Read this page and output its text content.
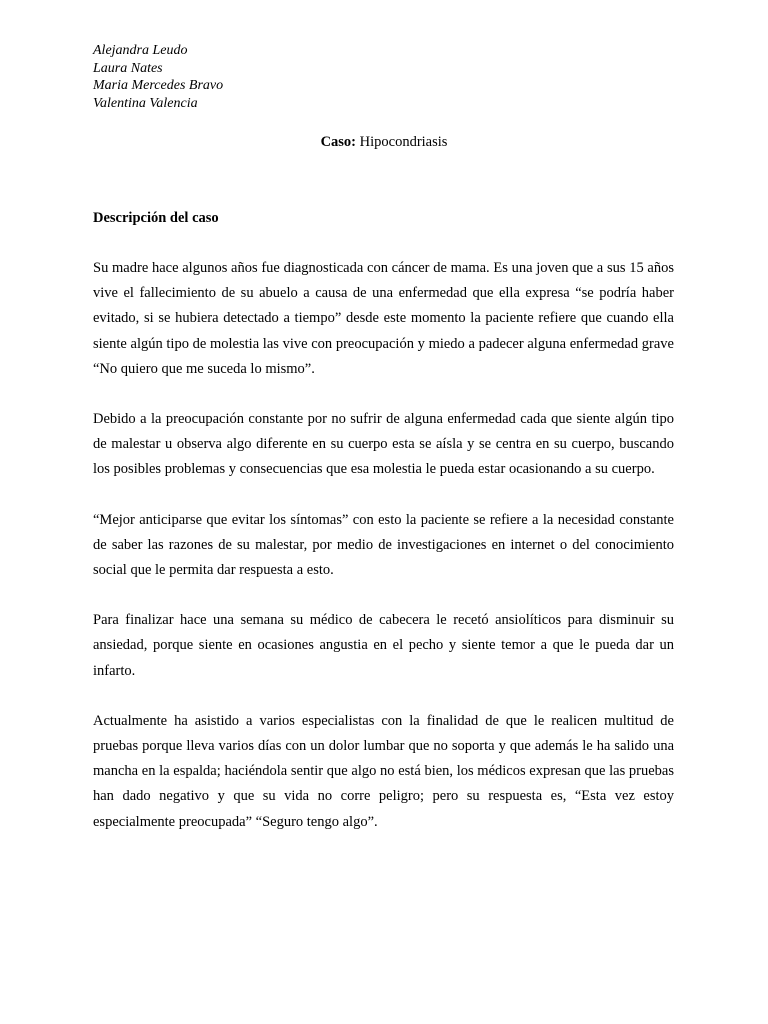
Alejandra Leudo
Laura Nates
Maria Mercedes Bravo
Valentina Valencia
Caso: Hipocondriasis
Descripción del caso

Su madre hace algunos años fue diagnosticada con cáncer de mama. Es una joven que a sus 15 años vive el fallecimiento de su abuelo a causa de una enfermedad que ella expresa “se podría haber evitado, si se hubiera detectado a tiempo” desde este momento la paciente refiere que cuando ella siente algún tipo de molestia las vive con preocupación y miedo a padecer alguna enfermedad grave “No quiero que me suceda lo mismo”.

Debido a la preocupación constante por no sufrir de alguna enfermedad cada que siente algún tipo de malestar u observa algo diferente en su cuerpo esta se aísla y se centra en su cuerpo, buscando los posibles problemas y consecuencias que esa molestia le pueda estar ocasionando a su cuerpo.

“Mejor anticiparse que evitar los síntomas” con esto la paciente se refiere a la necesidad constante de saber las razones de su malestar, por medio de investigaciones en internet o del conocimiento social que le permita dar respuesta a esto.

Para finalizar hace una semana su médico de cabecera le recetó ansiolíticos para disminuir su ansiedad, porque siente en ocasiones angustia en el pecho y siente temor a que le pueda dar un infarto.

Actualmente ha asistido a varios especialistas con la finalidad de que le realicen multitud de pruebas porque lleva varios días con un dolor lumbar que no soporta y que además le ha salido una mancha en la espalda; haciéndola sentir que algo no está bien, los médicos expresan que las pruebas han dado negativo y que su vida no corre peligro; pero su respuesta es, “Esta vez estoy especialmente preocupada” “Seguro tengo algo”.
